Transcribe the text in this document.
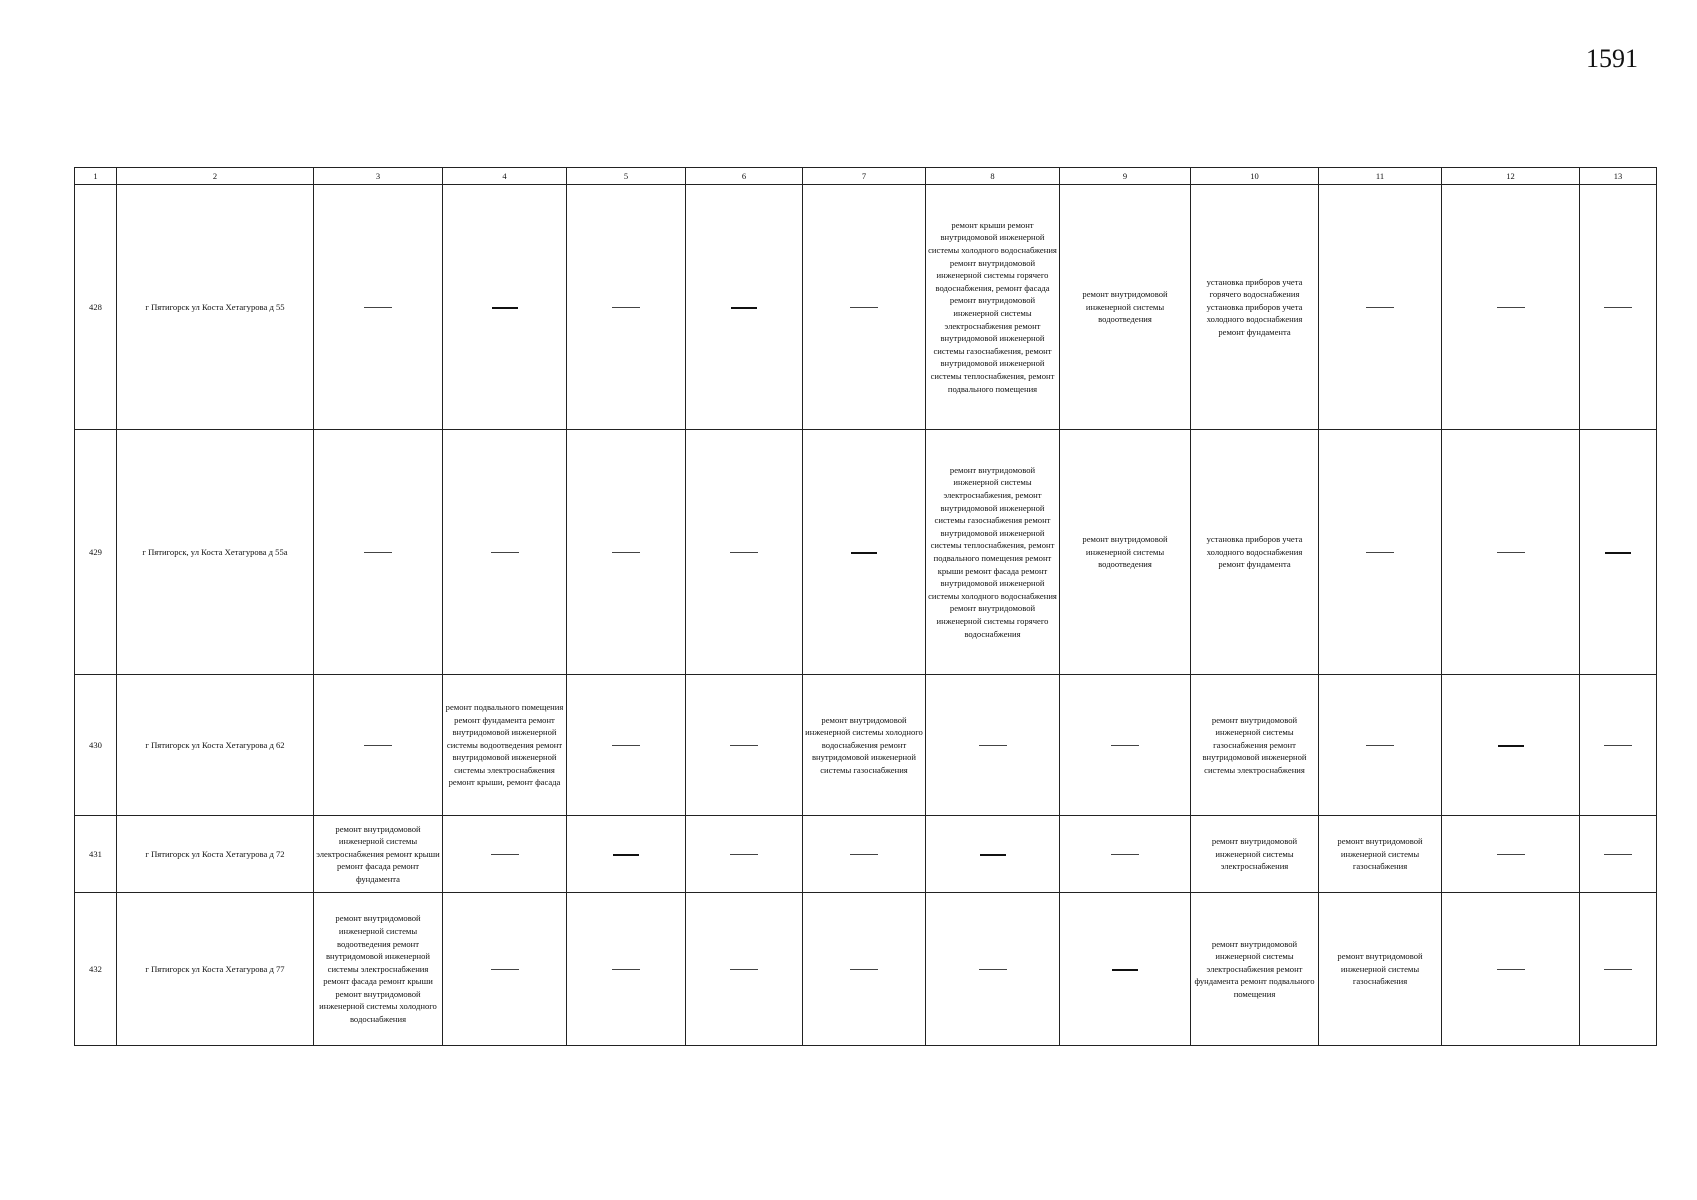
1591
1	2	3	4	5	6	7	8	9	10	11	12	13
428	г Пятигорск ул Коста Хетагурова д 55						ремонт крыши ремонт внутридомовой инженерной системы холодного водоснабжения ремонт внутридомовой инженерной системы горячего водоснабжения, ремонт фасада ремонт внутридомовой инженерной системы электроснабжения ремонт внутридомовой инженерной системы газоснабжения, ремонт внутридомовой инженерной системы теплоснабжения, ремонт подвального помещения	ремонт внутридомовой инженерной системы водоотведения	установка приборов учета горячего водоснабжения установка приборов учета холодного водоснабжения ремонт фундамента			
429	г Пятигорск, ул Коста Хетагурова д 55а						ремонт внутридомовой инженерной системы электроснабжения, ремонт внутридомовой инженерной системы газоснабжения ремонт внутридомовой инженерной системы теплоснабжения, ремонт подвального помещения ремонт крыши ремонт фасада ремонт внутридомовой инженерной системы холодного водоснабжения ремонт внутридомовой инженерной системы горячего водоснабжения	ремонт внутридомовой инженерной системы водоотведения	установка приборов учета холодного водоснабжения ремонт фундамента			
430	г Пятигорск ул Коста Хетагурова д 62		ремонт подвального помещения ремонт фундамента ремонт внутридомовой инженерной системы водоотведения ремонт внутридомовой инженерной системы электроснабжения ремонт крыши, ремонт фасада			ремонт внутридомовой инженерной системы холодного водоснабжения ремонт внутридомовой инженерной системы газоснабжения			ремонт внутридомовой инженерной системы газоснабжения ремонт внутридомовой инженерной системы электроснабжения			
431	г Пятигорск ул Коста Хетагурова д 72	ремонт внутридомовой инженерной системы электроснабжения ремонт крыши ремонт фасада ремонт фундамента							ремонт внутридомовой инженерной системы электроснабжения	ремонт внутридомовой инженерной системы газоснабжения		
432	г Пятигорск ул Коста Хетагурова д 77	ремонт внутридомовой инженерной системы водоотведения ремонт внутридомовой инженерной системы электроснабжения ремонт фасада ремонт крыши ремонт внутридомовой инженерной системы холодного водоснабжения							ремонт внутридомовой инженерной системы электроснабжения ремонт фундамента ремонт подвального помещения	ремонт внутридомовой инженерной системы газоснабжения		
